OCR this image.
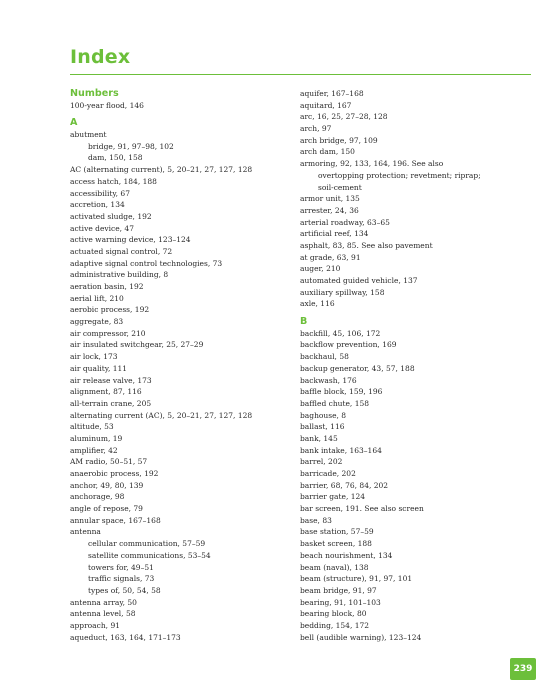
Index
Numbers
100-year flood, 146
A
abutment
bridge, 91, 97–98, 102
dam, 150, 158
AC (alternating current), 5, 20–21, 27, 127, 128
access hatch, 184, 188
accessibility, 67
accretion, 134
activated sludge, 192
active device, 47
active warning device, 123–124
actuated signal control, 72
adaptive signal control technologies, 73
administrative building, 8
aeration basin, 192
aerial lift, 210
aerobic process, 192
aggregate, 83
air compressor, 210
air insulated switchgear, 25, 27–29
air lock, 173
air quality, 111
air release valve, 173
alignment, 87, 116
all-terrain crane, 205
alternating current (AC), 5, 20–21, 27, 127, 128
altitude, 53
aluminum, 19
amplifier, 42
AM radio, 50–51, 57
anaerobic process, 192
anchor, 49, 80, 139
anchorage, 98
angle of repose, 79
annular space, 167–168
antenna
cellular communication, 57–59
satellite communications, 53–54
towers for, 49–51
traffic signals, 73
types of, 50, 54, 58
antenna array, 50
antenna level, 58
approach, 91
aqueduct, 163, 164, 171–173
aquifer, 167–168
aquitard, 167
arc, 16, 25, 27–28, 128
arch, 97
arch bridge, 97, 109
arch dam, 150
armoring, 92, 133, 164, 196. See also
overtopping protection; revetment; riprap;
soil-cement
armor unit, 135
arrester, 24, 36
arterial roadway, 63–65
artificial reef, 134
asphalt, 83, 85. See also pavement
at grade, 63, 91
auger, 210
automated guided vehicle, 137
auxiliary spillway, 158
axle, 116
B
backfill, 45, 106, 172
backflow prevention, 169
backhaul, 58
backup generator, 43, 57, 188
backwash, 176
baffle block, 159, 196
baffled chute, 158
baghouse, 8
ballast, 116
bank, 145
bank intake, 163–164
barrel, 202
barricade, 202
barrier, 68, 76, 84, 202
barrier gate, 124
bar screen, 191. See also screen
base, 83
base station, 57–59
basket screen, 188
beach nourishment, 134
beam (naval), 138
beam (structure), 91, 97, 101
beam bridge, 91, 97
bearing, 91, 101–103
bearing block, 80
bedding, 154, 172
bell (audible warning), 123–124
239
